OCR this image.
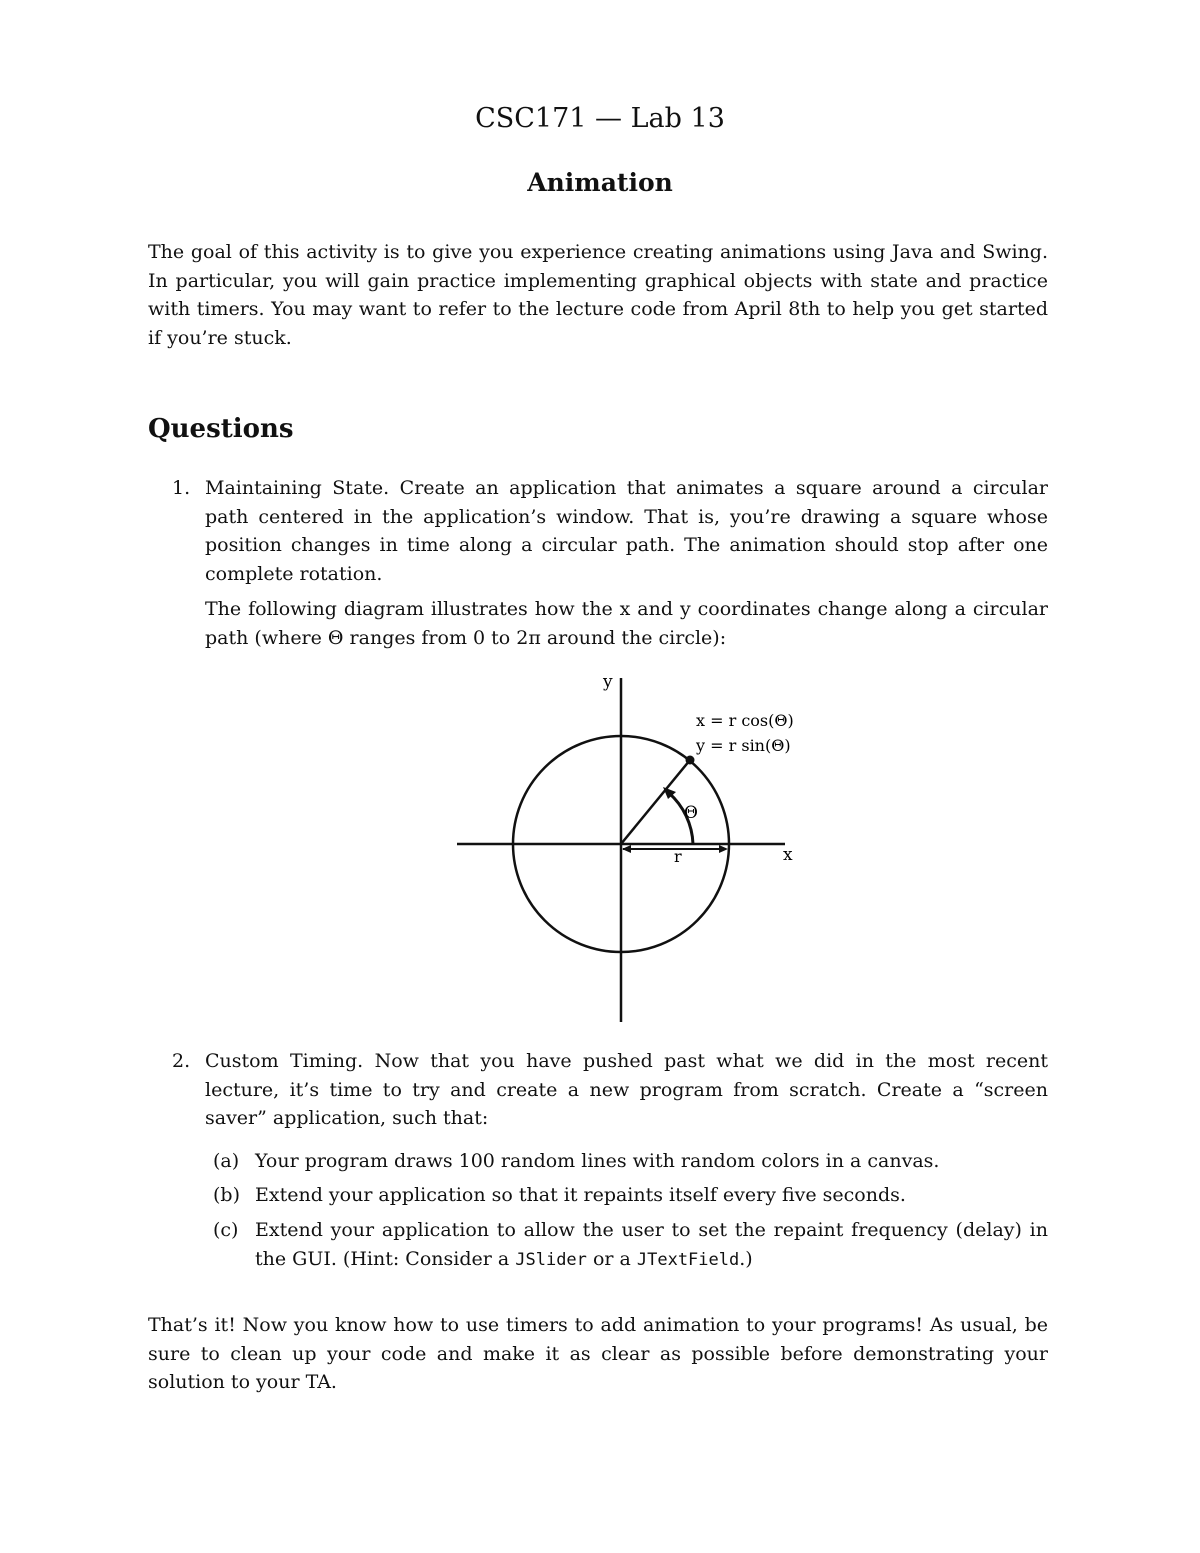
CSC171 — Lab 13
Animation

The goal of this activity is to give you experience creating animations using Java and Swing. In particular, you will gain practice implementing graphical objects with state and practice with timers. You may want to refer to the lecture code from April 8th to help you get started if you’re stuck.

Questions
1. Maintaining State. Create an application that animates a square around a circular path centered in the application’s window. That is, you’re drawing a square whose position changes in time along a circular path. The animation should stop after one complete rotation.

The following diagram illustrates how the x and y coordinates change along a circular path (where Θ ranges from 0 to 2π around the circle):

y
x
x = r cos(Θ)
y = r sin(Θ)
Θ
r
2. Custom Timing. Now that you have pushed past what we did in the most recent lecture, it’s time to try and create a new program from scratch. Create a “screen saver” application, such that:

(a) Your program draws 100 random lines with random colors in a canvas.

(b) Extend your application so that it repaints itself every five seconds.

(c) Extend your application to allow the user to set the repaint frequency (delay) in the GUI. (Hint: Consider a JSlider or a JTextField.)

That’s it! Now you know how to use timers to add animation to your programs! As usual, be sure to clean up your code and make it as clear as possible before demonstrating your solution to your TA.
